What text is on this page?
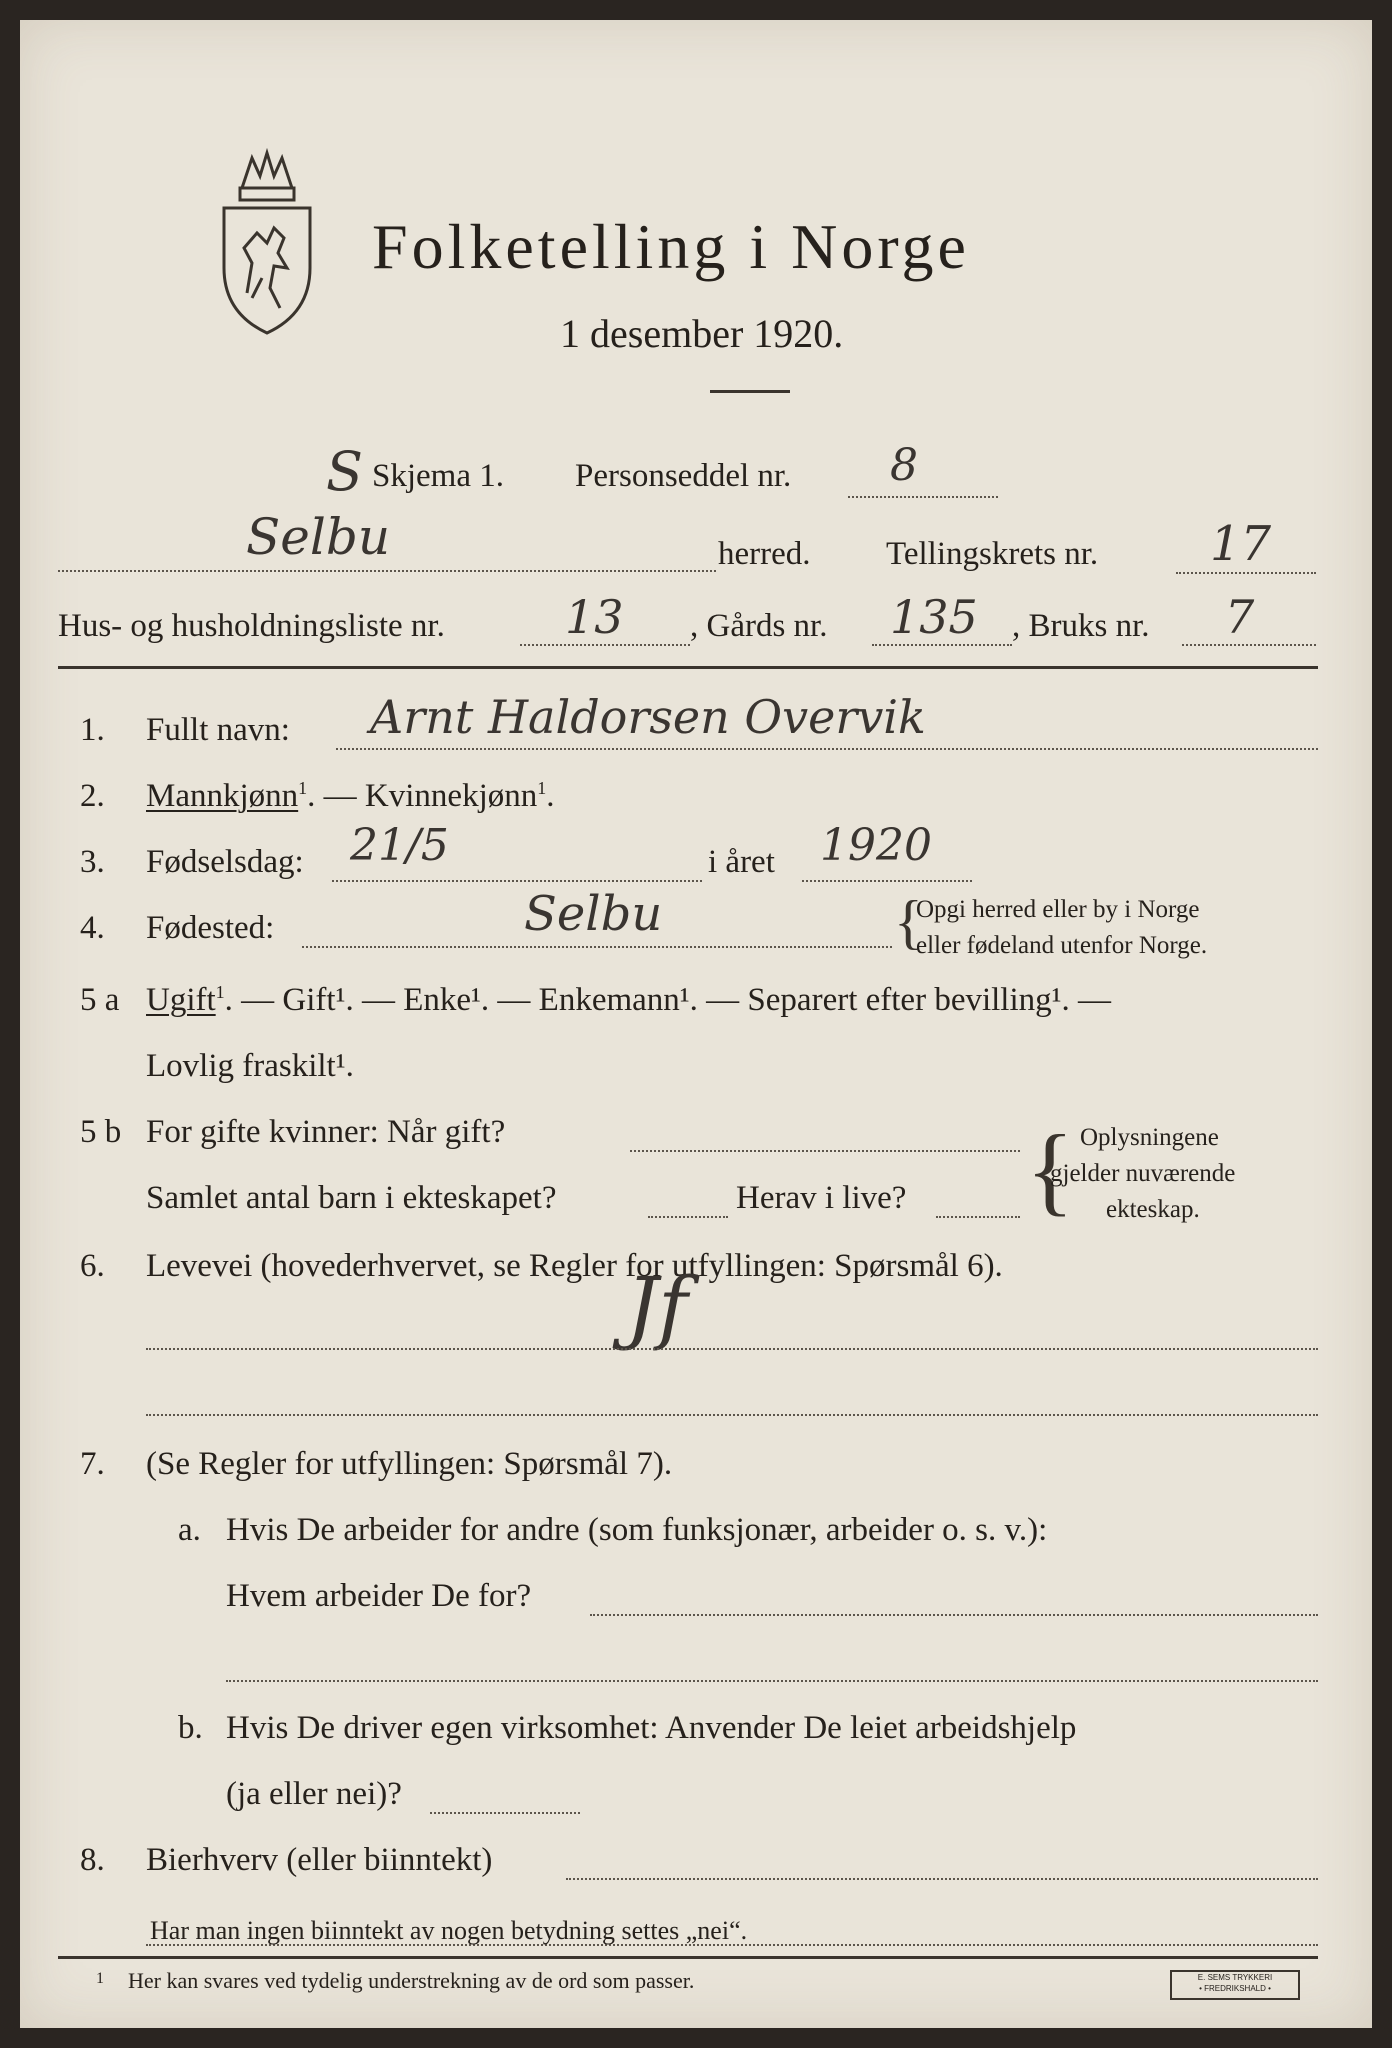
Folketelling i Norge
1 desember 1920.
S Skjema 1. Personseddel nr. 8
Selbu	herred. Tellingskrets nr. 17
Hus- og husholdningsliste nr.	13 , Gårds nr. 135 , Bruks nr. 7
1. Fullt navn: Arnt Haldorsen Overvik
2. Mannkjønn$^1$. — Kvinnekjønn$^1$.
3. Fødselsdag: 21/5	i året 1920
4. Fødested:	Selbu	{
Opgi herred eller by i Norge
eller fødeland utenfor Norge.
5 a Ugift$^1$. — Gift¹. — Enke¹. — Enkemann¹. — Separert efter bevilling¹. —
Lovlig fraskilt¹.
5 b For gifte kvinner: Når gift?
Samlet antal barn i ekteskapet?	Herav i live? { Oplysningene
gjelder nuværende
ekteskap.
6. Levevei (hovederhvervet, se Regler for utfyllingen: Spørsmål 6).
Jf
7. (Se Regler for utfyllingen: Spørsmål 7).
a. Hvis De arbeider for andre (som funksjonær, arbeider o. s. v.):
Hvem arbeider De for?
b. Hvis De driver egen virksomhet: Anvender De leiet arbeidshjelp
(ja eller nei)?
8. Bierhverv (eller biinntekt)
Har man ingen biinntekt av nogen betydning settes „nei“.
1 Her kan svares ved tydelig understrekning av de ord som passer.	E. SEMS TRYKKERI
• FREDRIKSHALD •
